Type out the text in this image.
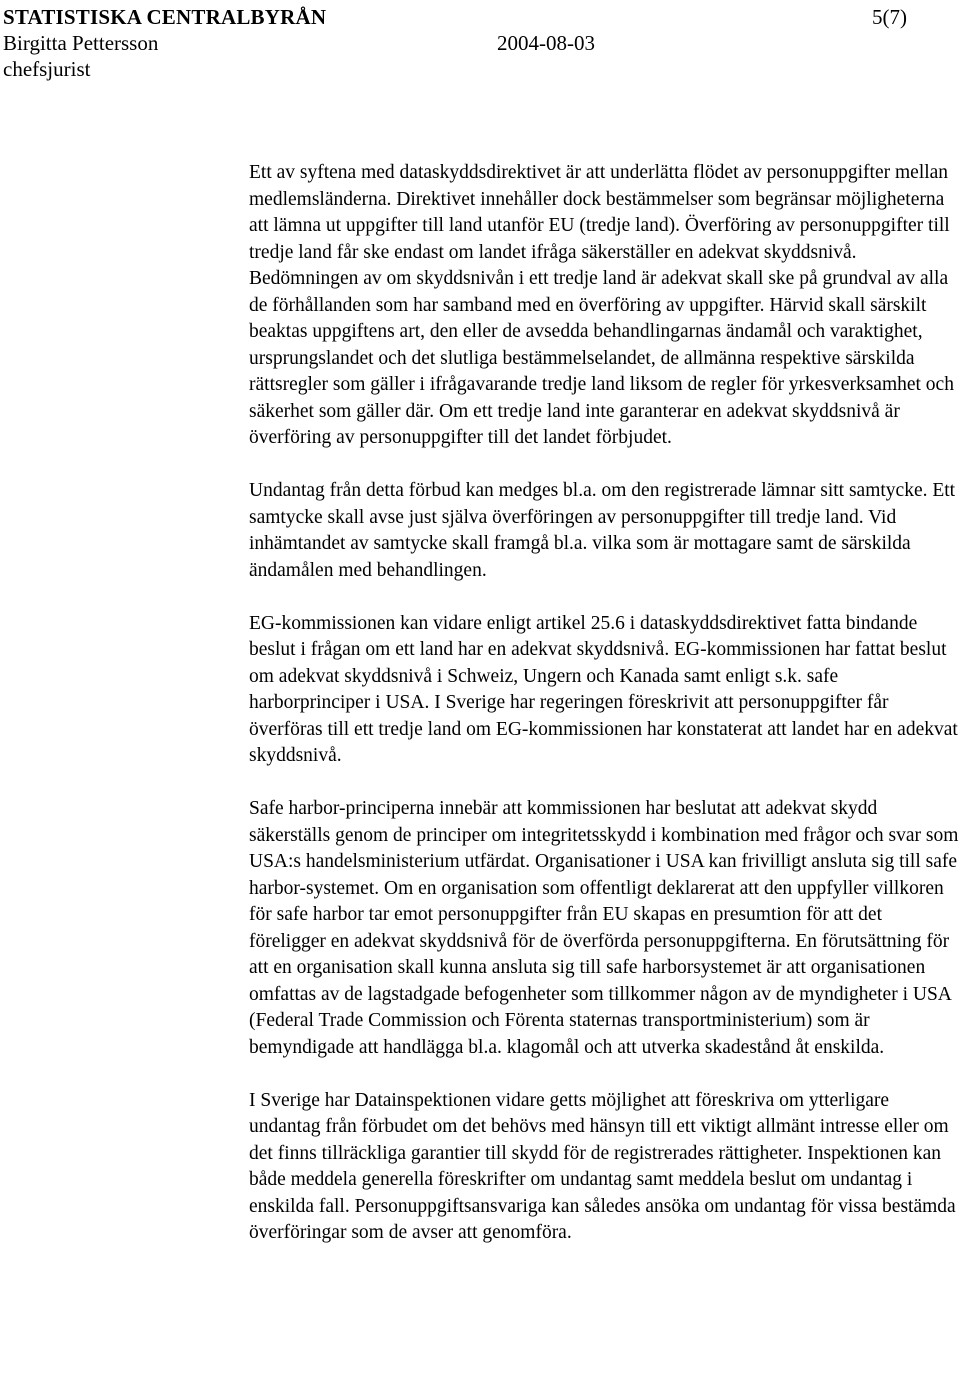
STATISTISKA CENTRALBYRÅN	5(7)
Birgitta Pettersson	2004-08-03
chefsjurist

Ett av syftena med dataskyddsdirektivet är att underlätta flödet av personuppgifter mellan medlemsländerna. Direktivet innehåller dock bestämmelser som begränsar möjligheterna att lämna ut uppgifter till land utanför EU (tredje land). Överföring av personuppgifter till tredje land får ske endast om landet ifråga säkerställer en adekvat skyddsnivå. Bedömningen av om skyddsnivån i ett tredje land är adekvat skall ske på grundval av alla de förhållanden som har samband med en överföring av uppgifter. Härvid skall särskilt beaktas uppgiftens art, den eller de avsedda behandlingarnas ändamål och varaktighet, ursprungslandet och det slutliga bestämmelselandet, de allmänna respektive särskilda rättsregler som gäller i ifrågavarande tredje land liksom de regler för yrkesverksamhet och säkerhet som gäller där. Om ett tredje land inte garanterar en adekvat skyddsnivå är överföring av personuppgifter till det landet förbjudet.

Undantag från detta förbud kan medges bl.a. om den registrerade lämnar sitt samtycke. Ett samtycke skall avse just själva överföringen av personuppgifter till tredje land. Vid inhämtandet av samtycke skall framgå bl.a. vilka som är mottagare samt de särskilda ändamålen med behandlingen.

EG-kommissionen kan vidare enligt artikel 25.6 i dataskyddsdirektivet fatta bindande beslut i frågan om ett land har en adekvat skyddsnivå. EG-kommissionen har fattat beslut om adekvat skyddsnivå i Schweiz, Ungern och Kanada samt enligt s.k. safe harborprinciper i USA. I Sverige har regeringen föreskrivit att personuppgifter får överföras till ett tredje land om EG-kommissionen har konstaterat att landet har en adekvat skyddsnivå.

Safe harbor-principerna innebär att kommissionen har beslutat att adekvat skydd säkerställs genom de principer om integritetsskydd i kombination med frågor och svar som USA:s handelsministerium utfärdat. Organisationer i USA kan frivilligt ansluta sig till safe harbor-systemet. Om en organisation som offentligt deklarerat att den uppfyller villkoren för safe harbor tar emot personuppgifter från EU skapas en presumtion för att det föreligger en adekvat skyddsnivå för de överförda personuppgifterna. En förutsättning för att en organisation skall kunna ansluta sig till safe harborsystemet är att organisationen omfattas av de lagstadgade befogenheter som tillkommer någon av de myndigheter i USA (Federal Trade Commission och Förenta staternas transportministerium) som är bemyndigade att handlägga bl.a. klagomål och att utverka skadestånd åt enskilda.

I Sverige har Datainspektionen vidare getts möjlighet att föreskriva om ytterligare undantag från förbudet om det behövs med hänsyn till ett viktigt allmänt intresse eller om det finns tillräckliga garantier till skydd för de registrerades rättigheter. Inspektionen kan både meddela generella föreskrifter om undantag samt meddela beslut om undantag i enskilda fall. Personuppgiftsansvariga kan således ansöka om undantag för vissa bestämda överföringar som de avser att genomföra.
